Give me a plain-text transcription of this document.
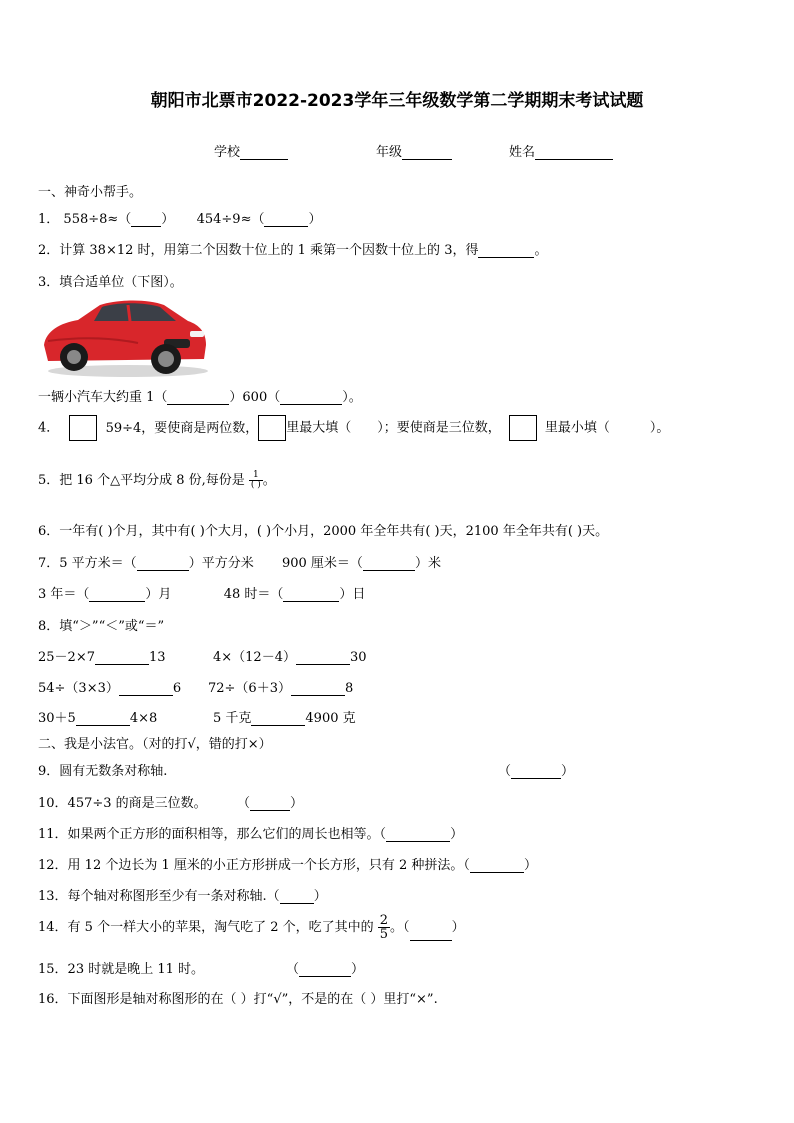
朝阳市北票市2022-2023学年三年级数学第二学期期末考试试题
学校	年级	姓名
一、神奇小帮手。
1． 558÷8≈（ ） 454÷9≈（	）
2．计算 38×12 时，用第二个因数十位上的 1 乘第一个因数十位上的 3，得	。
3．填合适单位（下图）。
一辆小汽车大约重 1（	）600（	）。
4．	59÷4，要使商是两位数， 里最大填（ ）；要使商是三位数，	里最小填（	）。
5．把 16 个△平均分成 8 份,每份是 $\frac{1}{( )}$ 。
6．一年有( )个月，其中有( )个大月，( )个小月，2000 年全年共有( )天，2100 年全年共有( )天。
7．5 平方米＝（	）平方分米 900 厘米＝（	）米
3 年＝（	）月	48 时＝（	）日
8．填“＞”“＜”或“＝”
25－2×7	13	4×（12－4）	30
54÷（3×3）	6 72÷（6＋3）	8
30＋5	4×8	5 千克	4900 克
二、我是小法官。（对的打√，错的打×）
9．圆有无数条对称轴.	（	）
10．457÷3 的商是三位数。 （	）
11．如果两个正方形的面积相等，那么它们的周长也相等。（	）
12．用 12 个边长为 1 厘米的小正方形拼成一个长方形，只有 2 种拼法。（	）
13．每个轴对称图形至少有一条对称轴.（	）
14．有 5 个一样大小的苹果，淘气吃了 2 个，吃了其中的 $\frac{2}{5}$ 。（	）
15．23 时就是晚上 11 时。	（	）
16．下面图形是轴对称图形的在（ ）打“√”，不是的在（ ）里打“×”.
